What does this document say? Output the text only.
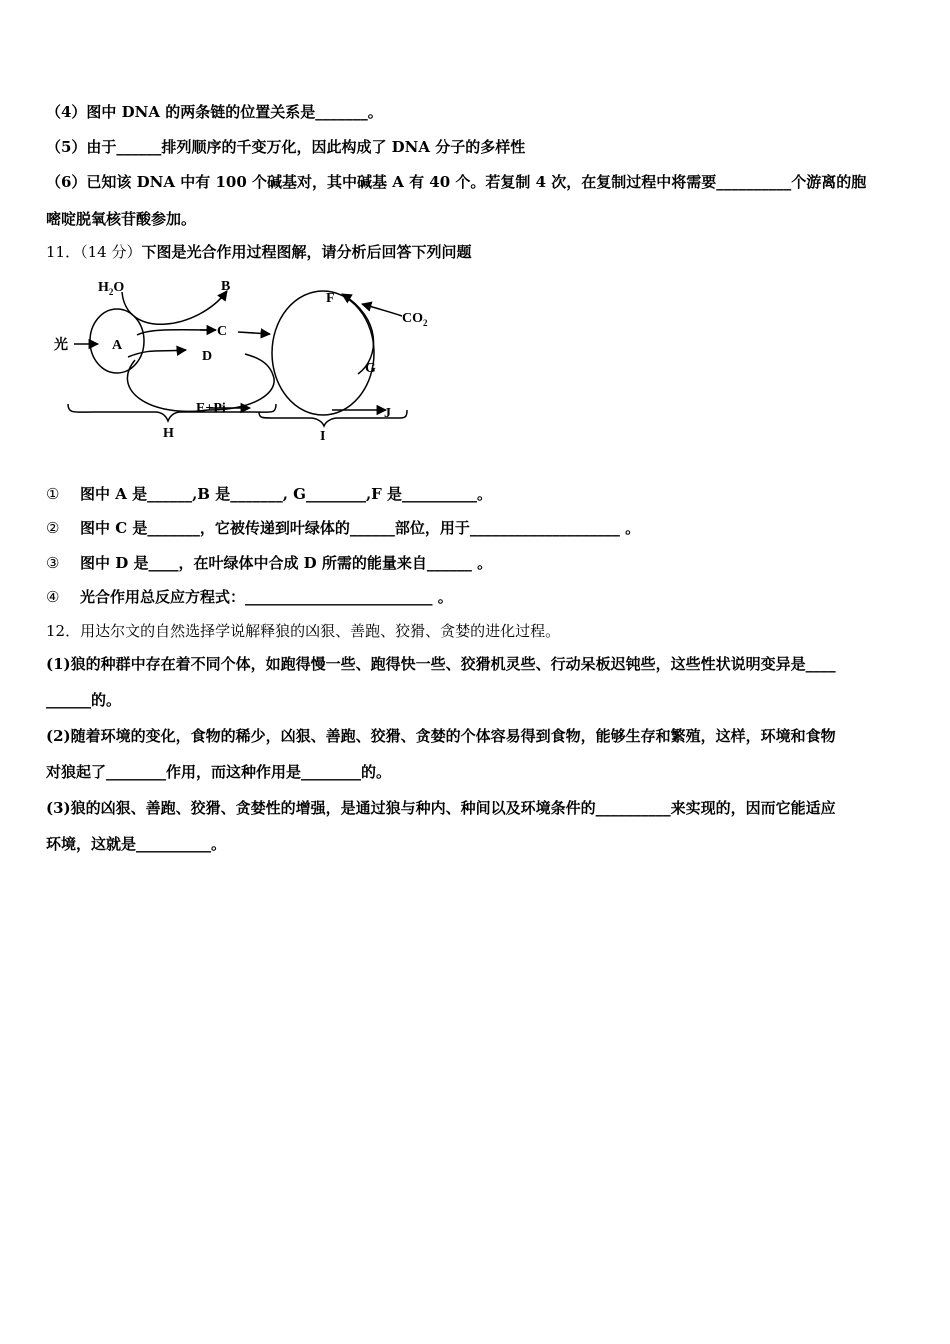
（4）图中 DNA 的两条链的位置关系是_______。
（5）由于______排列顺序的千变万化，因此构成了 DNA 分子的多样性
（6）已知该 DNA 中有 100 个碱基对，其中碱基 A 有 40 个。若复制 4 次，在复制过程中将需要__________个游离的胞
嘧啶脱氧核苷酸参加。
11．（14 分）下图是光合作用过程图解，请分析后回答下列问题
光
$H_2O$
A
B
C
D
E+Pi
F
$CO_2$
G
J
H	I
① 图中 A 是______,B 是_______, G________,F 是__________。
② 图中 C 是_______，它被传递到叶绿体的______部位，用于____________________ 。
③ 图中 D 是____，在叶绿体中合成 D 所需的能量来自______ 。
④ 光合作用总反应方程式：_________________________ 。
12．用达尔文的自然选择学说解释狼的凶狠、善跑、狡猾、贪婪的进化过程。
(1)狼的种群中存在着不同个体，如跑得慢一些、跑得快一些、狡猾机灵些、行动呆板迟钝些，这些性状说明变异是____
______的。
(2)随着环境的变化，食物的稀少，凶狠、善跑、狡猾、贪婪的个体容易得到食物，能够生存和繁殖，这样，环境和食物
对狼起了________作用，而这种作用是________的。
(3)狼的凶狠、善跑、狡猾、贪婪性的增强，是通过狼与种内、种间以及环境条件的__________来实现的，因而它能适应
环境，这就是__________。
